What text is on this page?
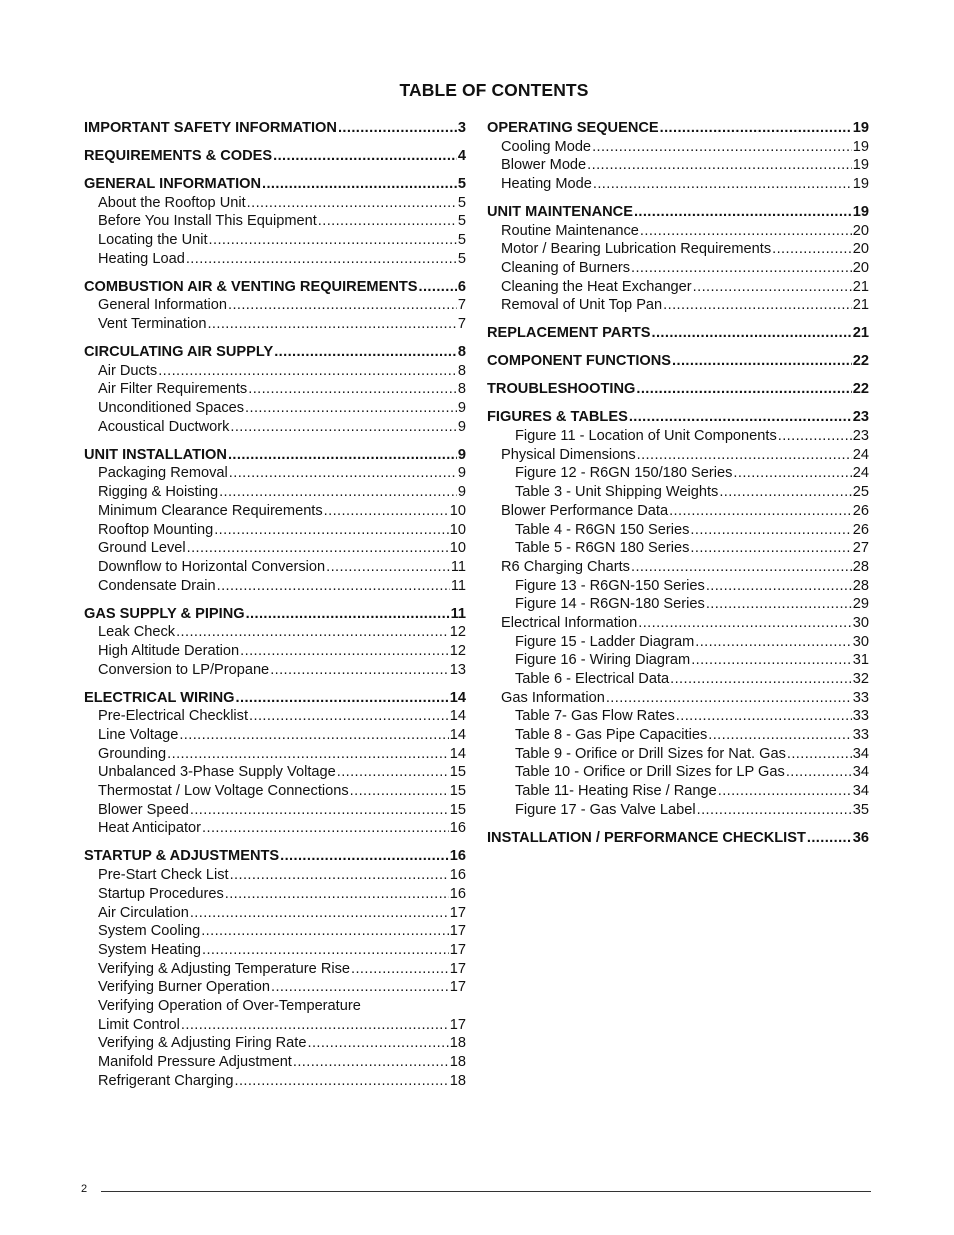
TABLE OF CONTENTS
IMPORTANT SAFETY INFORMATION .....	3
REQUIREMENTS & CODES .....	4
GENERAL INFORMATION .....	5
About the Rooftop Unit .....	5
Before You Install This Equipment .....	5
Locating the Unit .....	5
Heating Load .....	5
COMBUSTION AIR & VENTING REQUIREMENTS .....	6
General Information .....	7
Vent Termination .....	7
CIRCULATING AIR SUPPLY .....	8
Air Ducts .....	8
Air Filter Requirements .....	8
Unconditioned Spaces .....	9
Acoustical Ductwork .....	9
UNIT INSTALLATION .....	9
Packaging Removal .....	9
Rigging & Hoisting .....	9
Minimum Clearance Requirements .....	10
Rooftop Mounting .....	10
Ground Level .....	10
Downflow to Horizontal Conversion .....	11
Condensate Drain .....	11
GAS SUPPLY & PIPING .....	11
Leak Check .....	12
High Altitude Deration .....	12
Conversion to LP/Propane .....	13
ELECTRICAL WIRING .....	14
Pre-Electrical Checklist .....	14
Line Voltage .....	14
Grounding .....	14
Unbalanced 3-Phase Supply Voltage .....	15
Thermostat / Low Voltage Connections .....	15
Blower Speed .....	15
Heat Anticipator .....	16
STARTUP & ADJUSTMENTS .....	16
Pre-Start Check List .....	16
Startup Procedures .....	16
Air Circulation .....	17
System Cooling .....	17
System Heating .....	17
Verifying & Adjusting Temperature Rise .....	17
Verifying Burner Operation .....	17
Verifying Operation of Over-Temperature
Limit Control .....	17
Verifying & Adjusting Firing Rate .....	18
Manifold Pressure Adjustment .....	18
Refrigerant Charging .....	18
OPERATING SEQUENCE .....	19
Cooling Mode .....	19
Blower Mode .....	19
Heating Mode .....	19
UNIT MAINTENANCE .....	19
Routine Maintenance .....	20
Motor / Bearing Lubrication Requirements .....	20
Cleaning of Burners .....	20
Cleaning the Heat Exchanger .....	21
Removal of Unit Top Pan .....	21
REPLACEMENT PARTS .....	21
COMPONENT FUNCTIONS .....	22
TROUBLESHOOTING .....	22
FIGURES & TABLES .....	23
Figure 11 - Location of Unit Components .....	23
Physical Dimensions .....	24
Figure 12 - R6GN 150/180 Series .....	24
Table 3 - Unit Shipping Weights .....	25
Blower Performance Data .....	26
Table 4 - R6GN 150 Series .....	26
Table 5 - R6GN 180 Series .....	27
R6 Charging Charts .....	28
Figure 13 - R6GN-150 Series .....	28
Figure 14 - R6GN-180 Series .....	29
Electrical Information .....	30
Figure 15 - Ladder Diagram .....	30
Figure 16 - Wiring Diagram .....	31
Table 6 - Electrical Data .....	32
Gas Information .....	33
Table 7- Gas Flow Rates .....	33
Table 8 - Gas Pipe Capacities .....	33
Table 9 - Orifice or Drill Sizes for Nat. Gas .....	34
Table 10 - Orifice or Drill Sizes for LP Gas .....	34
Table 11- Heating Rise / Range .....	34
Figure 17 - Gas Valve Label .....	35
INSTALLATION / PERFORMANCE CHECKLIST .....	36
2
